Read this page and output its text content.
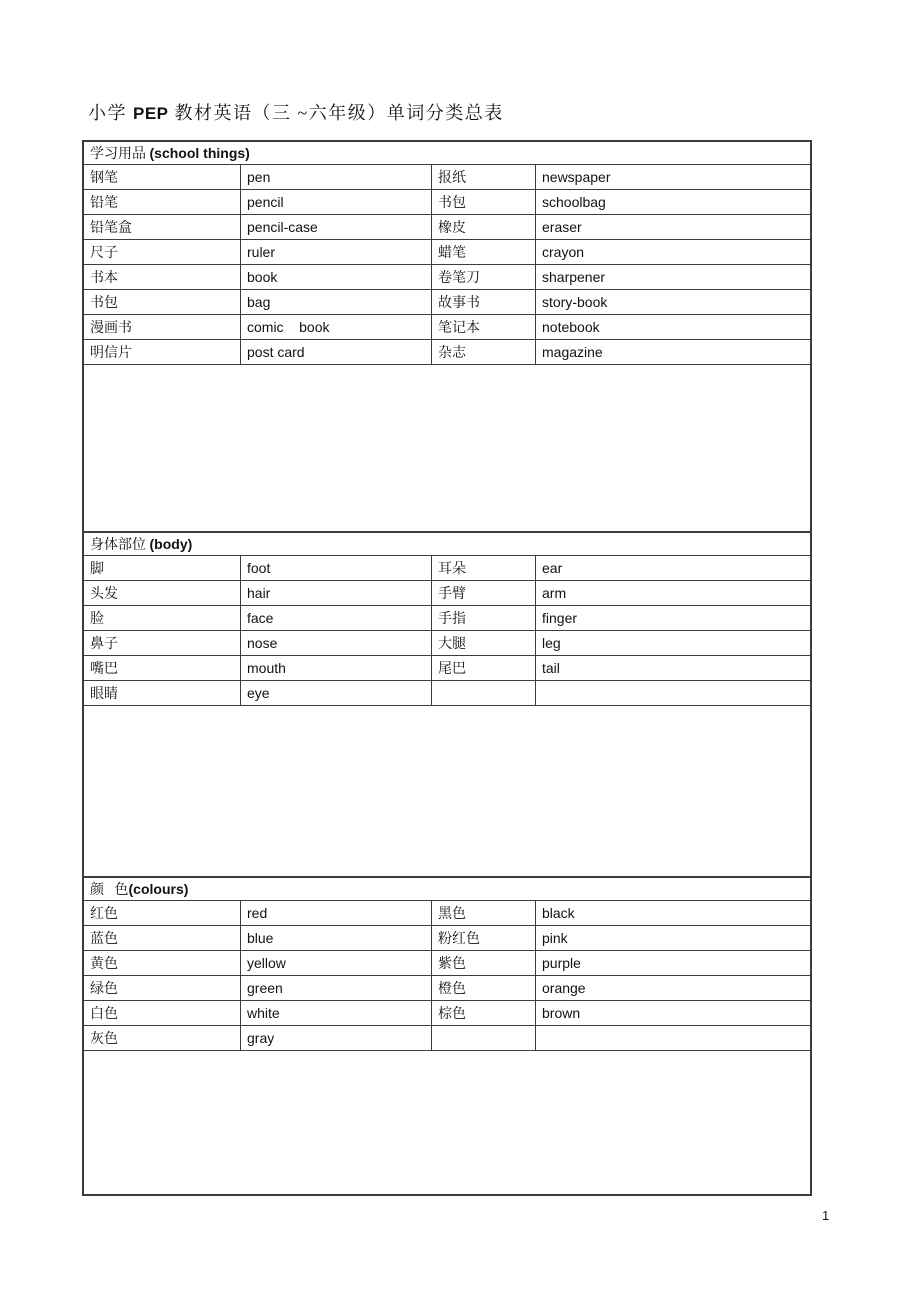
小学 PEP 教材英语（三 ~六年级）单词分类总表
学习用品 (school things)
钢笔	pen	报纸	newspaper
铅笔	pencil	书包	schoolbag
铅笔盒	pencil-case	橡皮	eraser
尺子	ruler	蜡笔	crayon
书本	book	卷笔刀	sharpener
书包	bag	故事书	story-book
漫画书	comic    book	笔记本	notebook
明信片	post card	杂志	magazine
身体部位 (body)
脚	foot	耳朵	ear
头发	hair	手臂	arm
脸	face	手指	finger
鼻子	nose	大腿	leg
嘴巴	mouth	尾巴	tail
眼睛	eye
颜   色 (colours)
红色	red	黑色	black
蓝色	blue	粉红色	pink
黄色	yellow	紫色	purple
绿色	green	橙色	orange
白色	white	棕色	brown
灰色	gray
1
